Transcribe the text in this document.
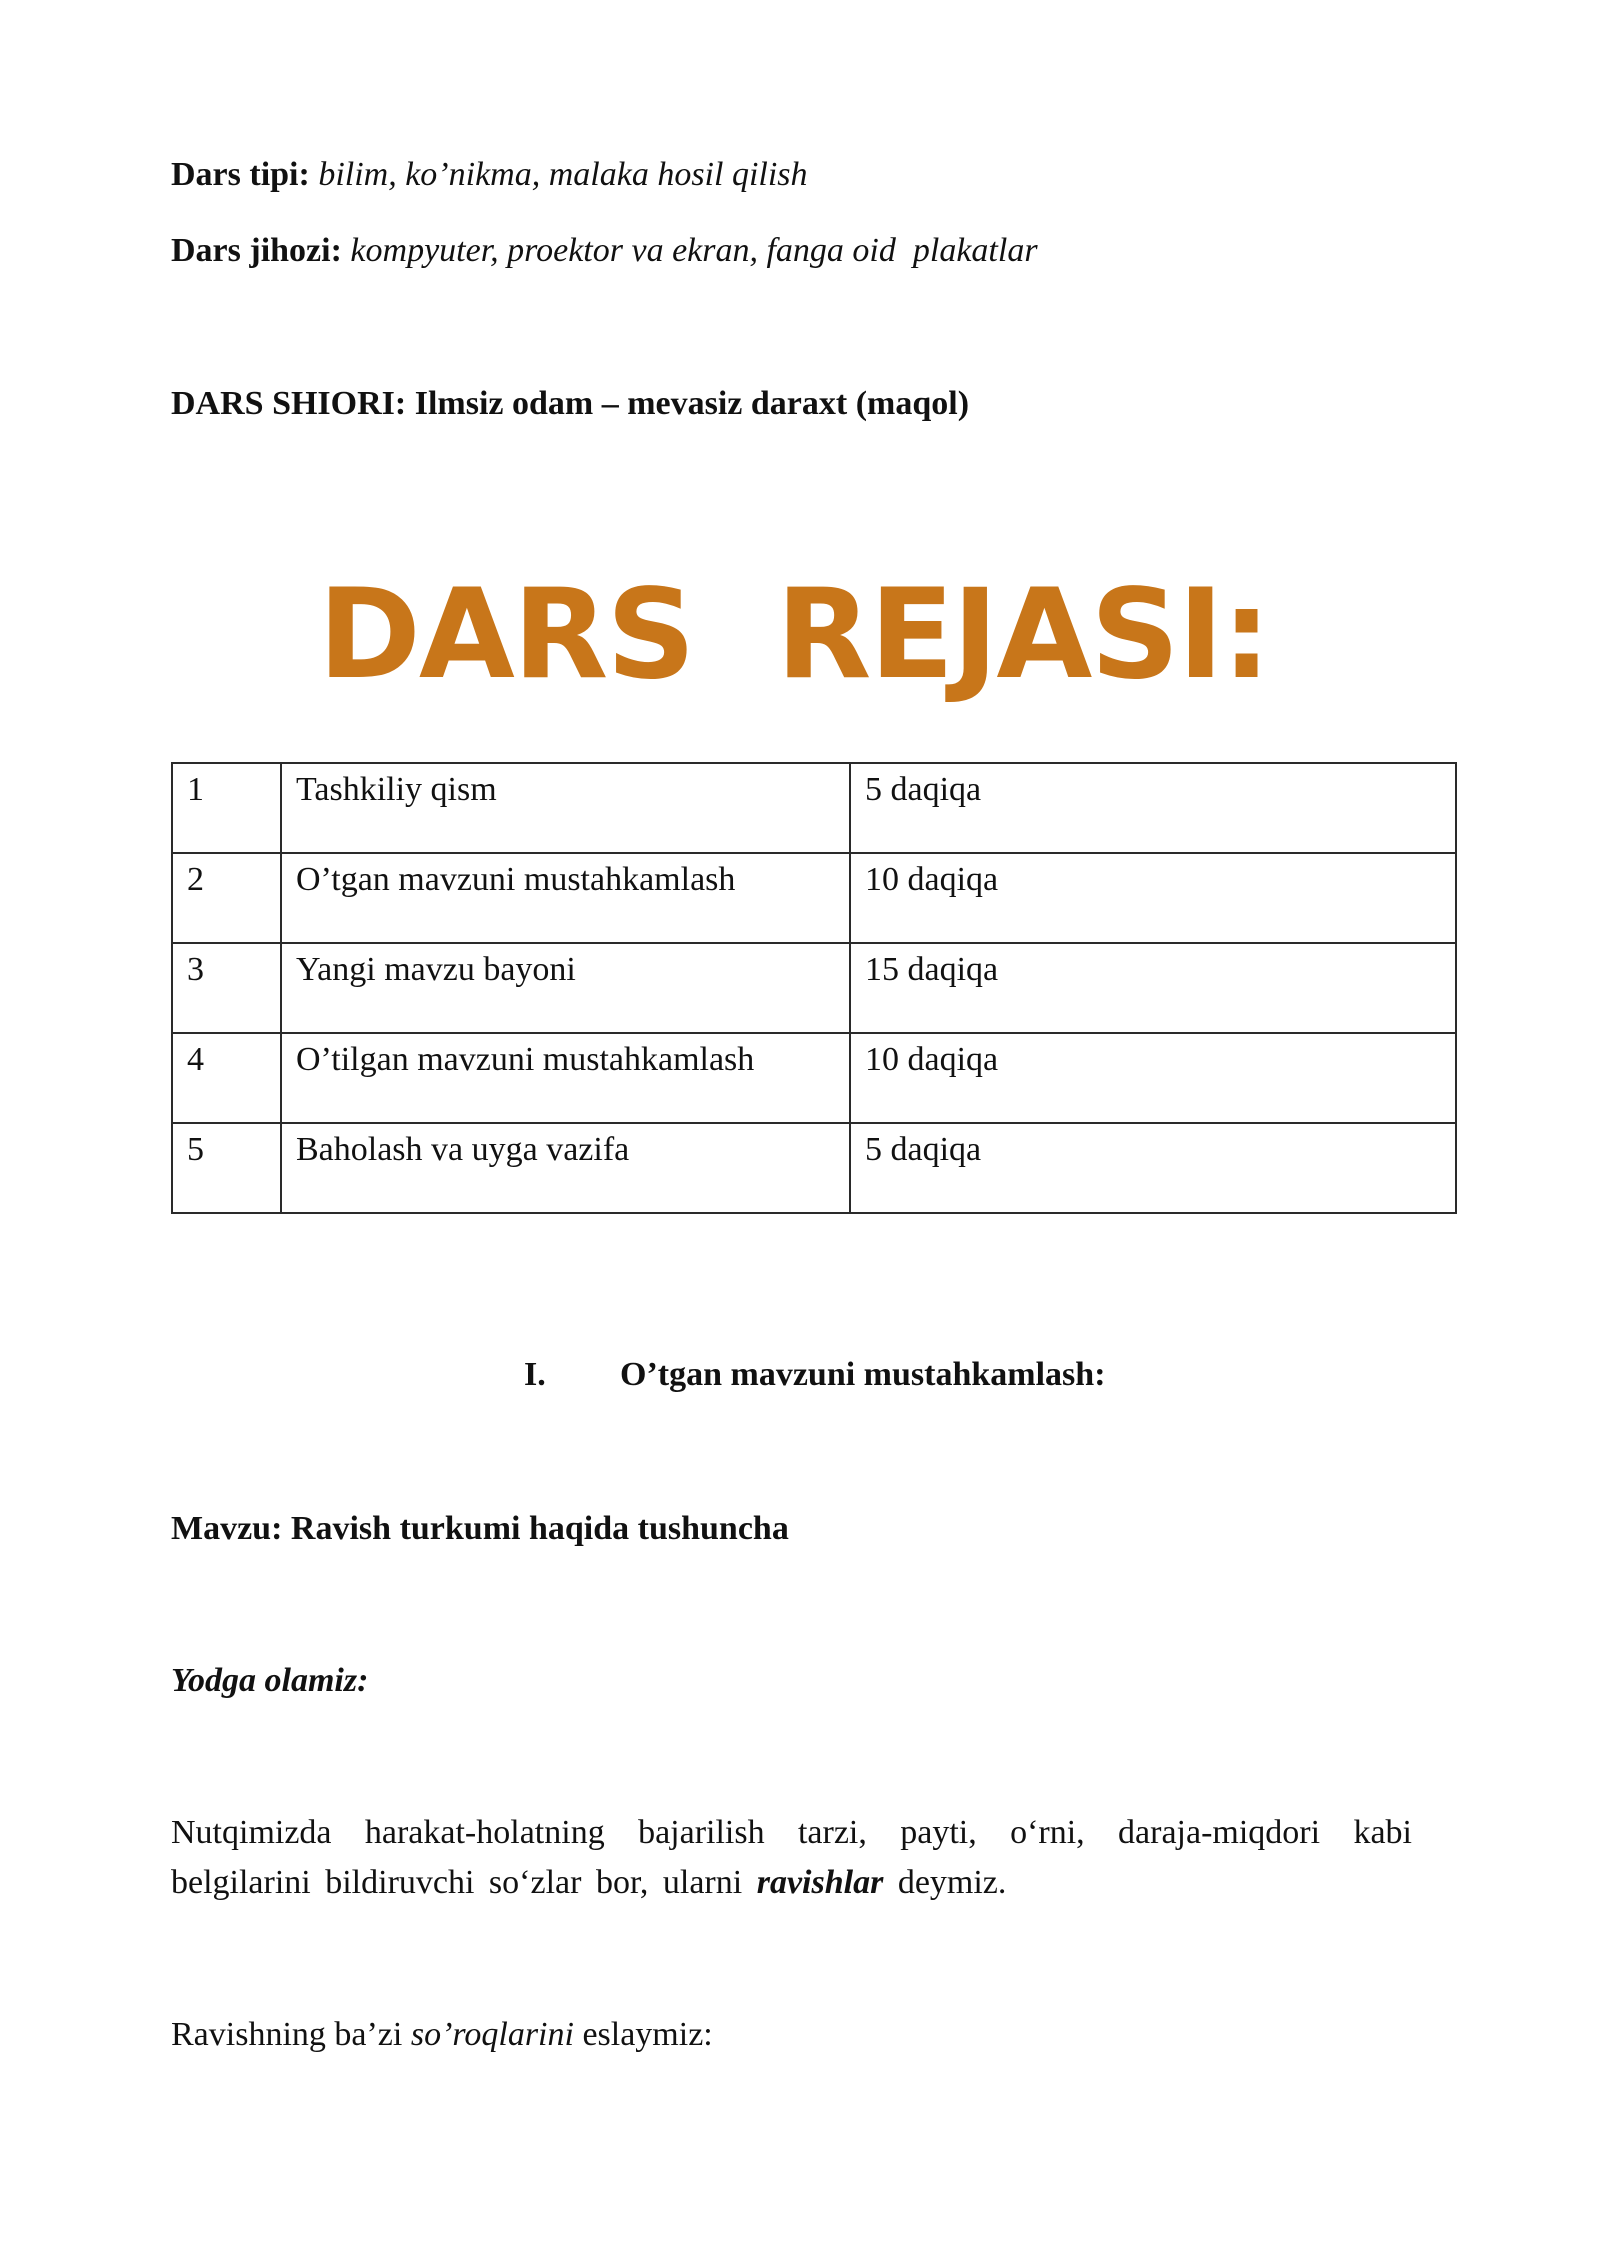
Dars tipi: bilim, ko’nikma, malaka hosil qilish
Dars jihozi: kompyuter, proektor va ekran, fanga oid  plakatlar
DARS SHIORI: Ilmsiz odam – mevasiz daraxt (maqol)
DARS  REJASI:
1	Tashkiliy qism	5 daqiqa
2	O’tgan mavzuni mustahkamlash	10 daqiqa
3	Yangi mavzu bayoni	15 daqiqa
4	O’tilgan mavzuni mustahkamlash	10 daqiqa
5	Baholash va uyga vazifa	5 daqiqa
I. O’tgan mavzuni mustahkamlash:
Mavzu: Ravish turkumi haqida tushuncha
Yodga olamiz:
Nutqimizda harakat-holatning bajarilish tarzi, payti, o‘rni, daraja-miqdori kabi belgilarini bildiruvchi so‘zlar bor, ularni ravishlar deymiz.
Ravishning ba’zi so’roqlarini eslaymiz:
